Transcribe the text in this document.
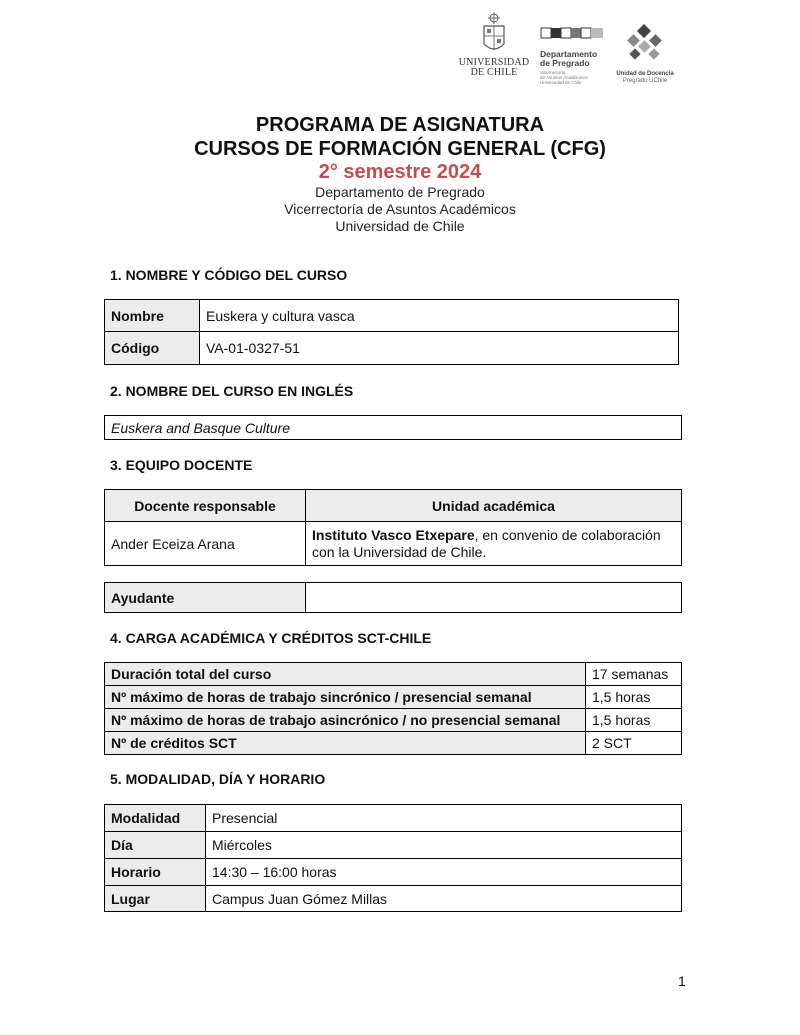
UNIVERSIDAD
DE CHILE
Departamento
de Pregrado
Vicerrectoría
de Asuntos Académicos
Universidad de Chile
Unidad de Docencia
Pregrado UChile
PROGRAMA DE ASIGNATURA
CURSOS DE FORMACIÓN GENERAL (CFG)
2° semestre 2024
Departamento de Pregrado
Vicerrectoría de Asuntos Académicos
Universidad de Chile
1. NOMBRE Y CÓDIGO DEL CURSO
Nombre	Euskera y cultura vasca
Código	VA-01-0327-51
2. NOMBRE DEL CURSO EN INGLÉS
Euskera and Basque Culture
3. EQUIPO DOCENTE
Docente responsable	Unidad académica
Ander Eceiza Arana	Instituto Vasco Etxepare, en convenio de colaboración con la Universidad de Chile.
Ayudante	
4. CARGA ACADÉMICA Y CRÉDITOS SCT-CHILE
Duración total del curso	17 semanas
Nº máximo de horas de trabajo sincrónico / presencial semanal	1,5 horas
Nº máximo de horas de trabajo asincrónico / no presencial semanal	1,5 horas
Nº de créditos SCT	2 SCT
5. MODALIDAD, DÍA Y HORARIO
Modalidad	Presencial
Día	Miércoles
Horario	14:30 – 16:00 horas
Lugar	Campus Juan Gómez Millas
1
